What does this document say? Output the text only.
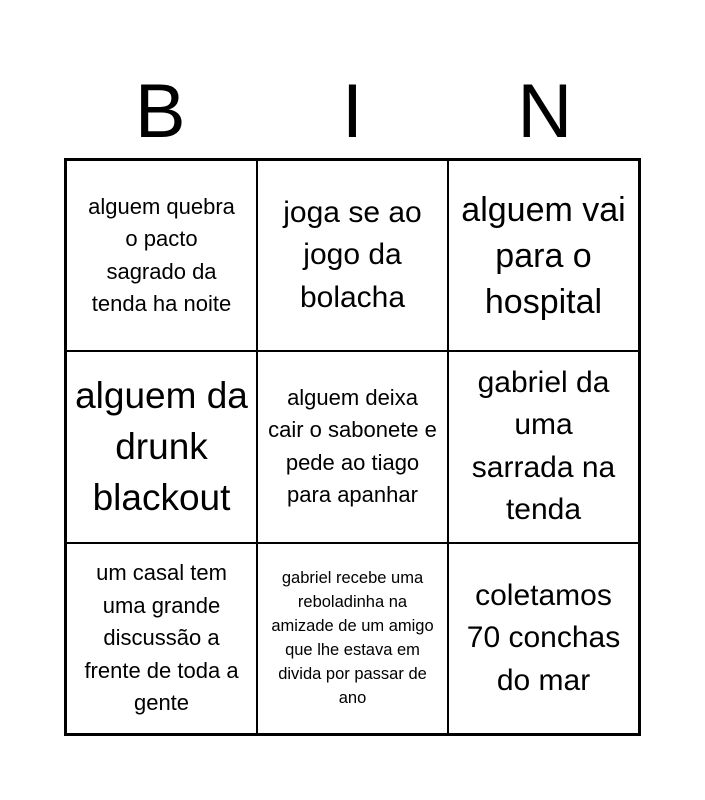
B	I	N
alguem quebra o pacto sagrado da tenda ha noite
joga se ao jogo da bolacha
alguem vai para o hospital
alguem da drunk blackout
alguem deixa cair o sabonete e pede ao tiago para apanhar
gabriel da uma sarrada na tenda
um casal tem uma grande discussão a frente de toda a gente
gabriel recebe uma reboladinha na amizade de um amigo que lhe estava em divida por passar de ano
coletamos 70 conchas do mar
